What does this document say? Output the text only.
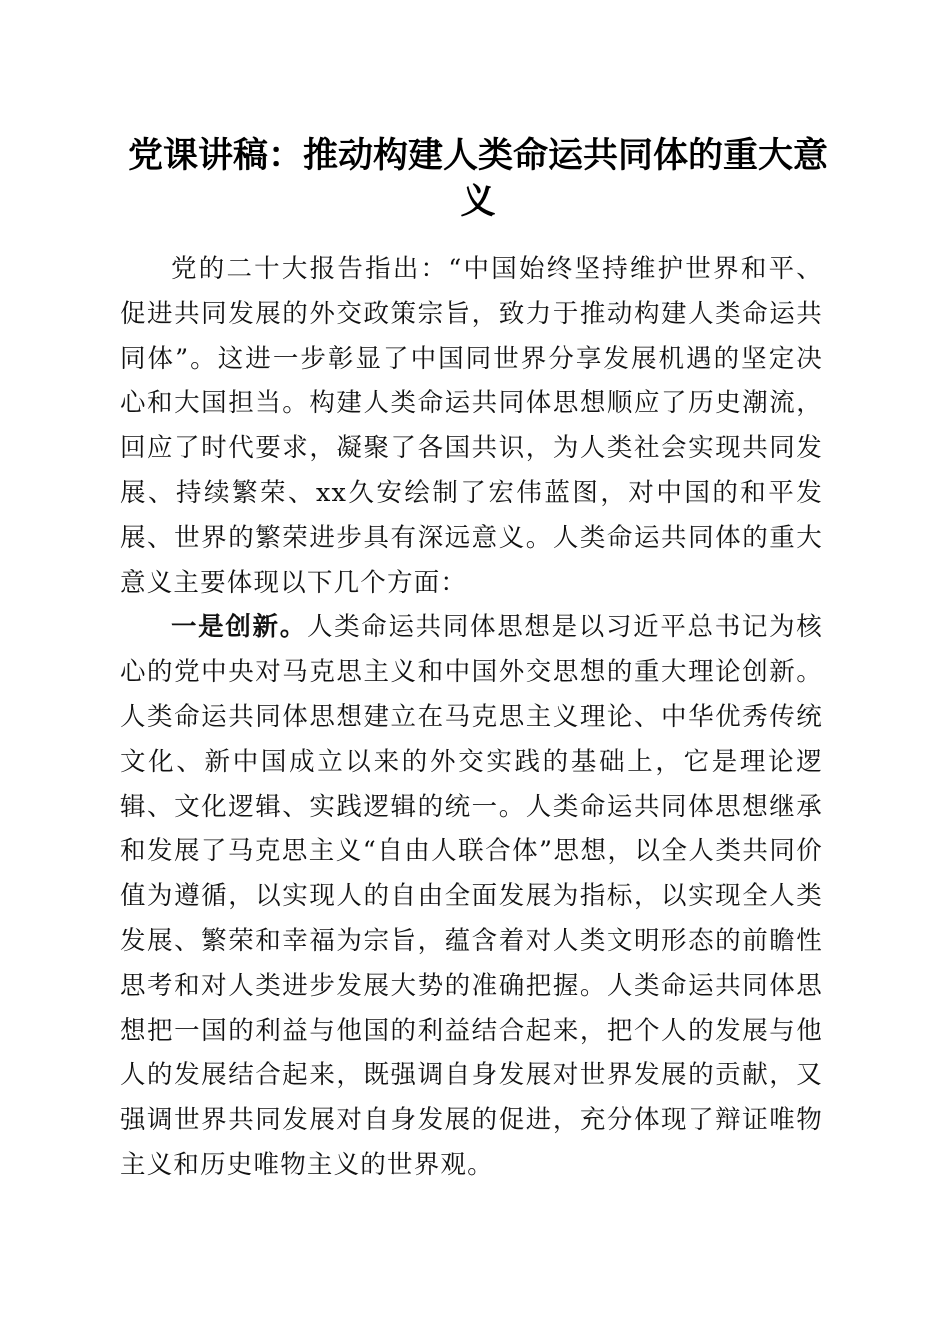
党课讲稿：推动构建人类命运共同体的重大意义

党的二十大报告指出：“中国始终坚持维护世界和平、促进共同发展的外交政策宗旨，致力于推动构建人类命运共同体”。这进一步彰显了中国同世界分享发展机遇的坚定决心和大国担当。构建人类命运共同体思想顺应了历史潮流，回应了时代要求，凝聚了各国共识，为人类社会实现共同发展、持续繁荣、xx久安绘制了宏伟蓝图，对中国的和平发展、世界的繁荣进步具有深远意义。人类命运共同体的重大意义主要体现以下几个方面：

一是创新。人类命运共同体思想是以习近平总书记为核心的党中央对马克思主义和中国外交思想的重大理论创新。人类命运共同体思想建立在马克思主义理论、中华优秀传统文化、新中国成立以来的外交实践的基础上，它是理论逻辑、文化逻辑、实践逻辑的统一。人类命运共同体思想继承和发展了马克思主义“自由人联合体”思想，以全人类共同价值为遵循，以实现人的自由全面发展为指标，以实现全人类发展、繁荣和幸福为宗旨，蕴含着对人类文明形态的前瞻性思考和对人类进步发展大势的准确把握。人类命运共同体思想把一国的利益与他国的利益结合起来，把个人的发展与他人的发展结合起来，既强调自身发展对世界发展的贡献，又强调世界共同发展对自身发展的促进，充分体现了辩证唯物主义和历史唯物主义的世界观。
